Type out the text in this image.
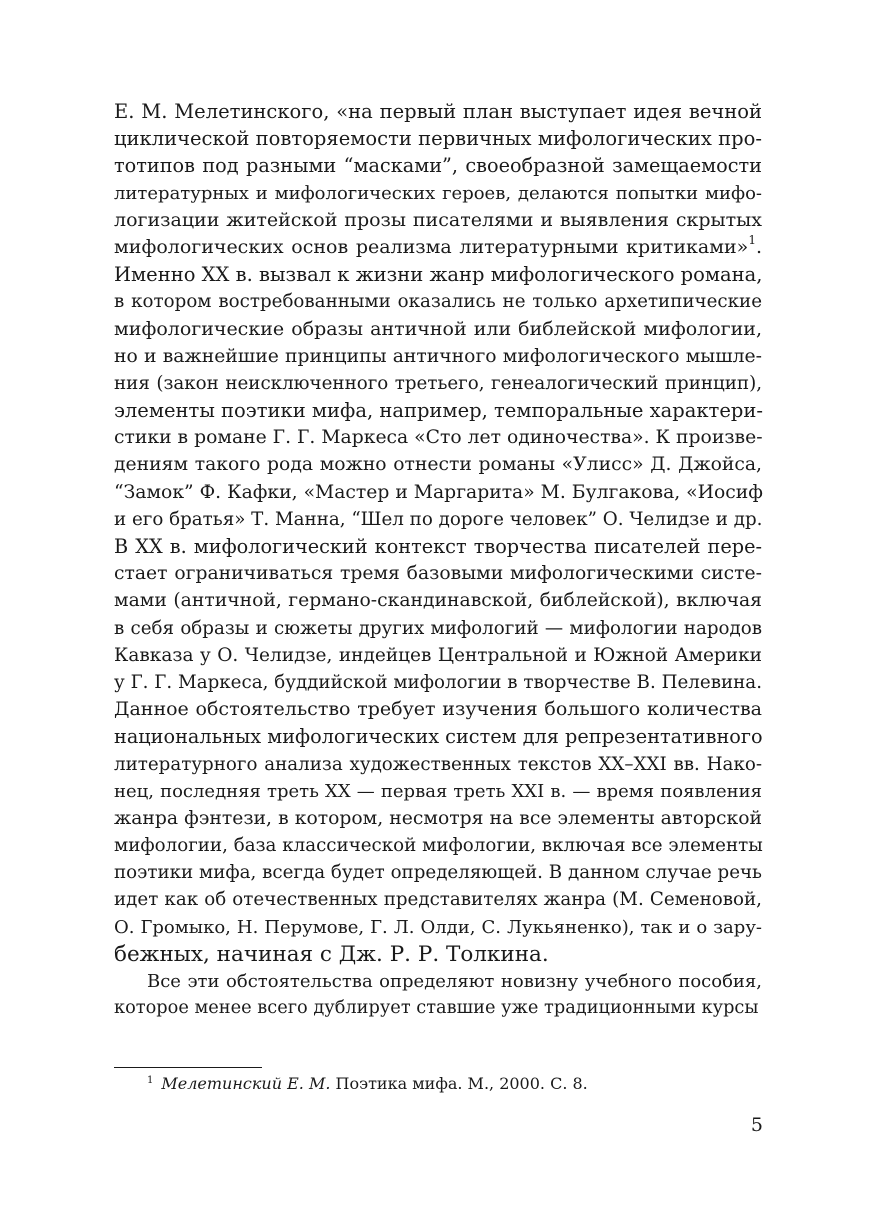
Е. М. Мелетинского, «на первый план выступает идея вечной
циклической повторяемости первичных мифологических про-
тотипов под разными “масками”, своеобразной замещаемости
литературных и мифологических героев, делаются попытки мифо-
логизации житейской прозы писателями и выявления скрытых
мифологических основ реализма литературными критиками»$^1$.
Именно XX в. вызвал к жизни жанр мифологического романа,
в котором востребованными оказались не только архетипические
мифологические образы античной или библейской мифологии,
но и важнейшие принципы античного мифологического мышле-
ния (закон неисключенного третьего, генеалогический принцип),
элементы поэтики мифа, например, темпоральные характери-
стики в романе Г. Г. Маркеса «Сто лет одиночества». К произве-
дениям такого рода можно отнести романы «Улисс» Д. Джойса,
“Замок” Ф. Кафки, «Мастер и Маргарита» М. Булгакова, «Иосиф
и его братья» Т. Манна, “Шел по дороге человек” О. Челидзе и др.
В XX в. мифологический контекст творчества писателей пере-
стает ограничиваться тремя базовыми мифологическими систе-
мами (античной, германо-скандинавской, библейской), включая
в себя образы и сюжеты других мифологий — мифологии народов
Кавказа у О. Челидзе, индейцев Центральной и Южной Америки
у Г. Г. Маркеса, буддийской мифологии в творчестве В. Пелевина.
Данное обстоятельство требует изучения большого количества
национальных мифологических систем для репрезентативного
литературного анализа художественных текстов XX–XXI вв. Нако-
нец, последняя треть XX — первая треть XXI в. — время появления
жанра фэнтези, в котором, несмотря на все элементы авторской
мифологии, база классической мифологии, включая все элементы
поэтики мифа, всегда будет определяющей. В данном случае речь
идет как об отечественных представителях жанра (М. Семеновой,
О. Громыко, Н. Перумове, Г. Л. Олди, С. Лукьяненко), так и о зару-
бежных, начиная с Дж. Р. Р. Толкина.
Все эти обстоятельства определяют новизну учебного пособия,
которое менее всего дублирует ставшие уже традиционными курсы
$^1$ Мелетинский Е. М. Поэтика мифа. М., 2000. С. 8.
5
